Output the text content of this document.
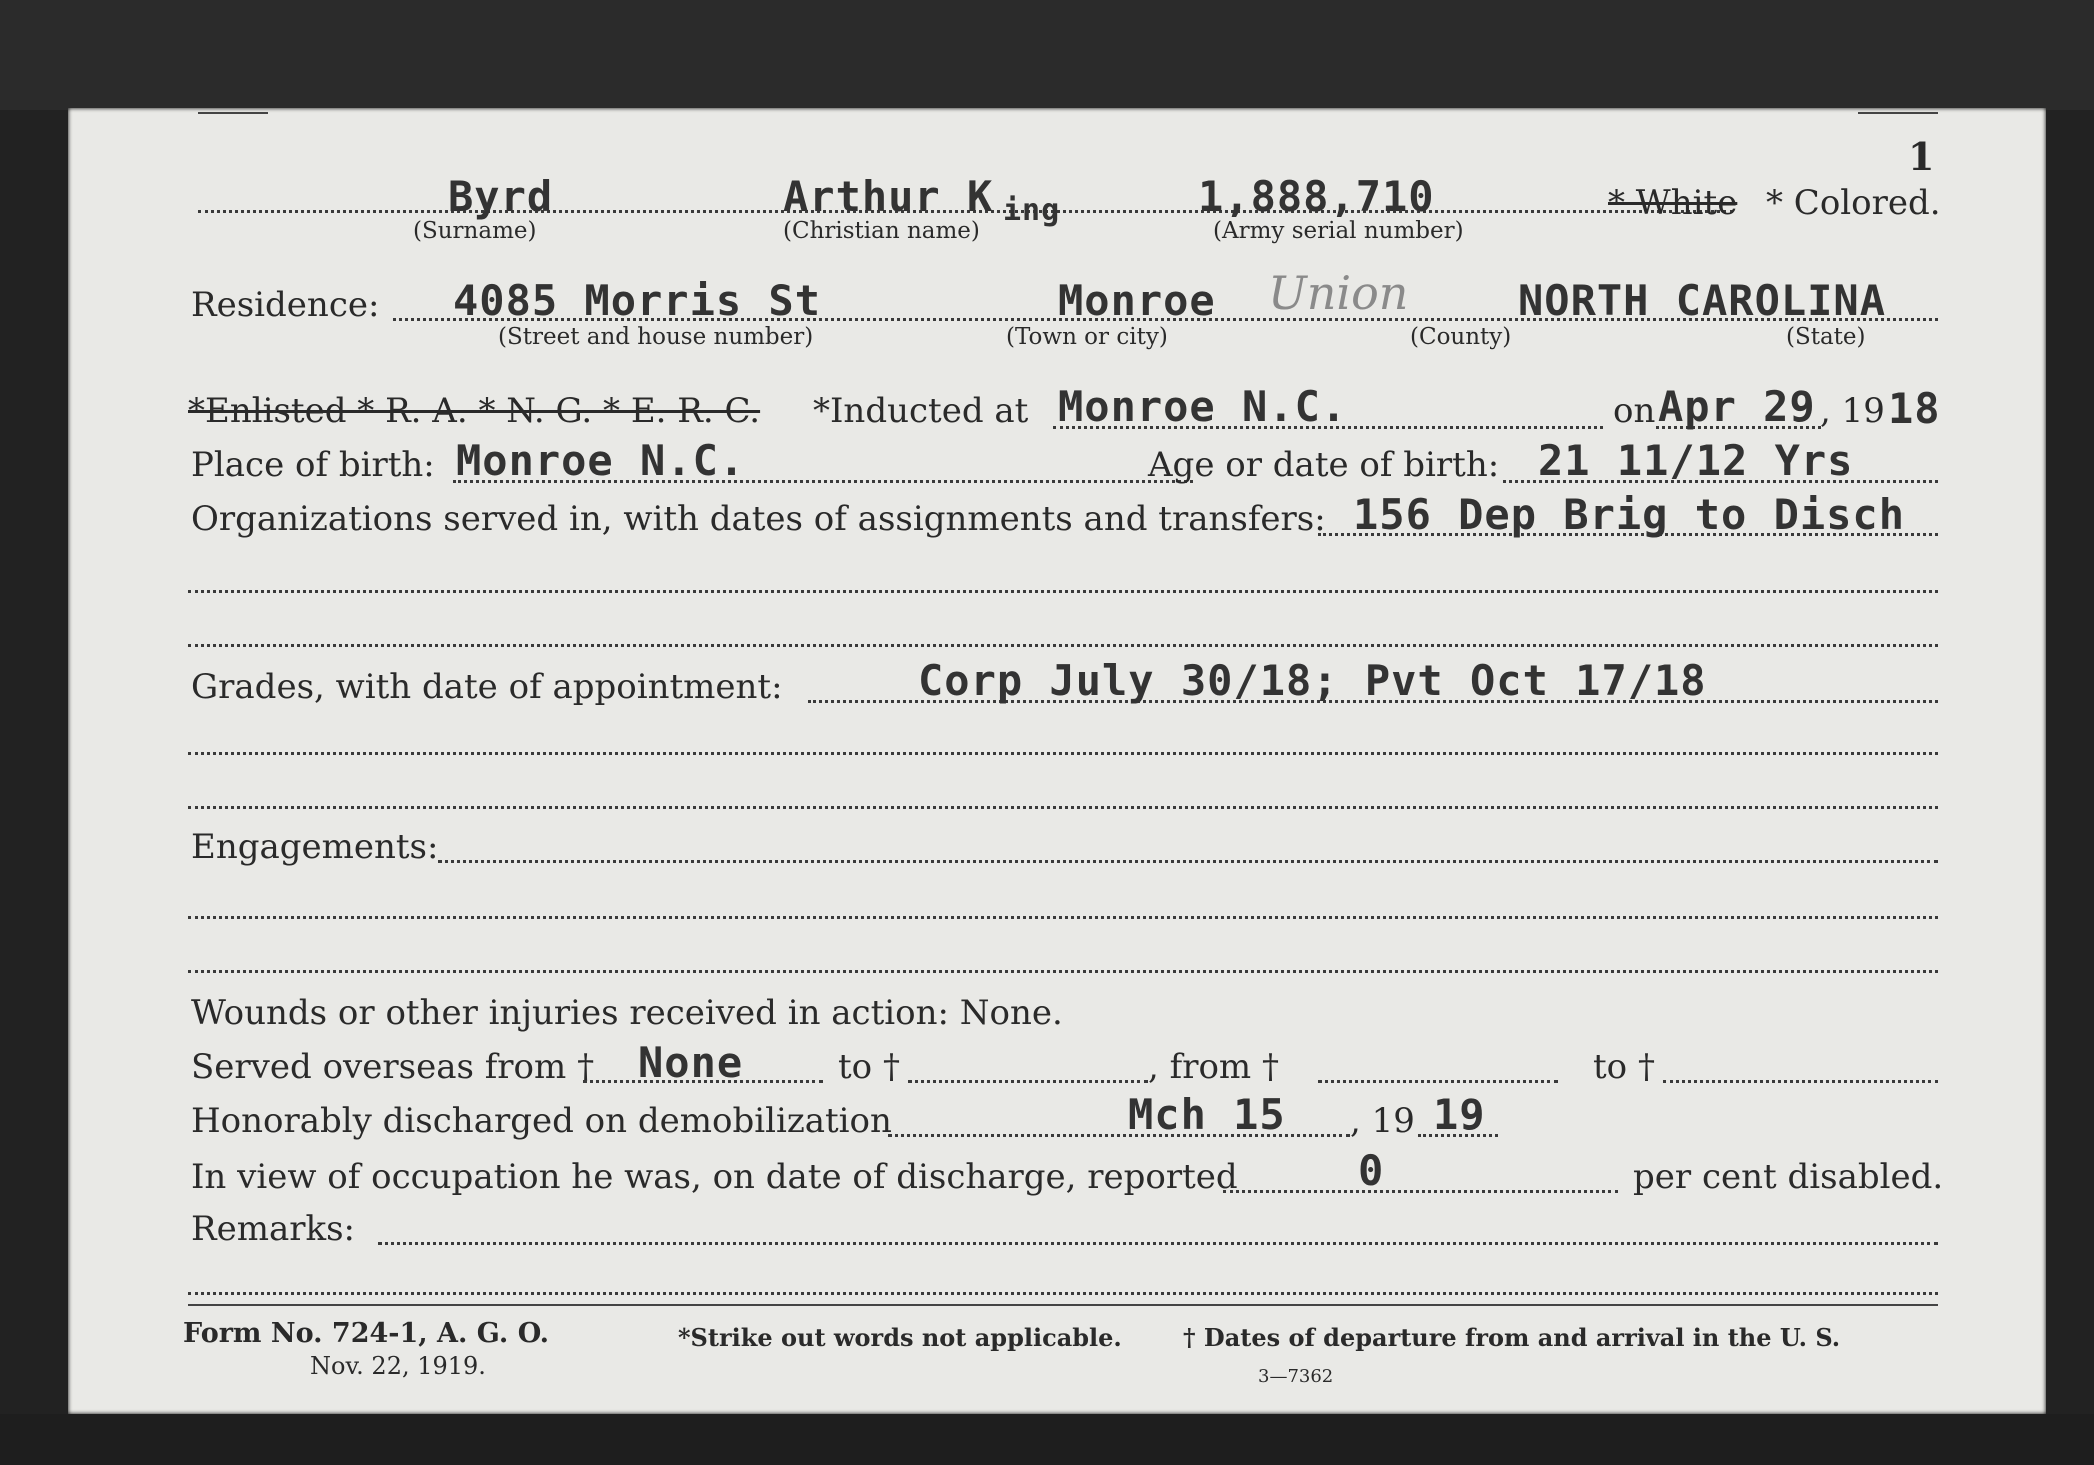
1
Byrd	Arthur K ing	1,888,710	* White * Colored.
(Surname)	(Christian name)	(Army serial number)
Residence: 4085 Morris St	Monroe Union	NORTH CAROLINA
(Street and house number)	(Town or city)	(County)	(State)
*Enlisted * R. A. * N. G. * E. R. C. *Inducted at Monroe N.C.	on Apr 29 , 19 18
Place of birth: Monroe N.C.	Age or date of birth: 21 11/12 Yrs
Organizations served in, with dates of assignments and transfers: 156 Dep Brig to Disch
Grades, with date of appointment:	Corp July 30/18; Pvt Oct 17/18
Engagements:
Wounds or other injuries received in action: None.
Served overseas from † None	to †	, from †	to †
Honorably discharged on demobilization	Mch 15 , 19 19
In view of occupation he was, on date of discharge, reported	0	per cent disabled.
Remarks:
Form No. 724-1, A. G. O.
Nov. 22, 1919.
*Strike out words not applicable.	† Dates of departure from and arrival in the U. S.
3—7362
